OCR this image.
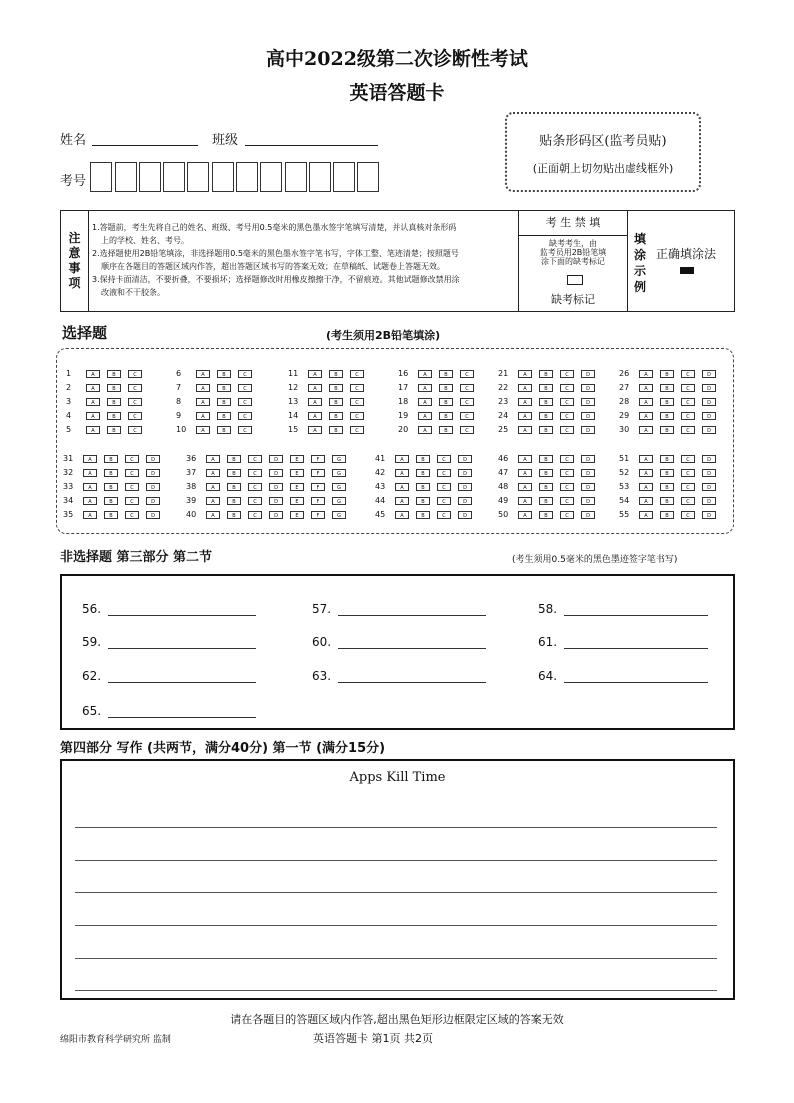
高中2022级第二次诊断性考试
英语答题卡
姓名	班级
考号
贴条形码区(监考员贴)
(正面朝上切勿贴出虚线框外)
注
意
事
项
1.答题前，考生先将自己的姓名、班级、考号用0.5毫米的黑色墨水签字笔填写清楚，并认真核对条形码
上的学校、姓名、考号。
2.选择题使用2B铅笔填涂，非选择题用0.5毫米的黑色墨水签字笔书写，字体工整、笔迹清楚；按照题号
顺序在各题目的答题区域内作答，超出答题区域书写的答案无效；在草稿纸、试题卷上答题无效。
3.保持卡面清洁，不要折叠，不要损坏；选择题修改时用橡皮擦擦干净，不留痕迹。其他试题修改禁用涂
改液和不干胶条。
考 生 禁 填
缺考考生，由
监考员用2B铅笔填
涂下面的缺考标记
缺考标记
填
涂
示
例
正确填涂法
选择题	(考生须用2B铅笔填涂)
1	A	B	C
2	A	B	C
3	A	B	C
4	A	B	C
5	A	B	C
6	A	B	C
7	A	B	C
8	A	B	C
9	A	B	C
10	A	B	C
11	A	B	C
12	A	B	C
13	A	B	C
14	A	B	C
15	A	B	C
16	A	B	C
17	A	B	C
18	A	B	C
19	A	B	C
20	A	B	C
21	A	B	C	D
22	A	B	C	D
23	A	B	C	D
24	A	B	C	D
25	A	B	C	D
26	A	B	C	D
27	A	B	C	D
28	A	B	C	D
29	A	B	C	D
30	A	B	C	D
31	A	B	C	D
32	A	B	C	D
33	A	B	C	D
34	A	B	C	D
35	A	B	C	D
36	A	B	C	D	E	F	G
37	A	B	C	D	E	F	G
38	A	B	C	D	E	F	G
39	A	B	C	D	E	F	G
40	A	B	C	D	E	F	G
41	A	B	C	D
42	A	B	C	D
43	A	B	C	D
44	A	B	C	D
45	A	B	C	D
46	A	B	C	D
47	A	B	C	D
48	A	B	C	D
49	A	B	C	D
50	A	B	C	D
51	A	B	C	D
52	A	B	C	D
53	A	B	C	D
54	A	B	C	D
55	A	B	C	D
非选择题 第三部分 第二节	(考生须用0.5毫米的黑色墨迹签字笔书写)
56.	57.	58.
59.	60.	61.
62.	63.	64.
65.
第四部分 写作 (共两节，满分40分) 第一节 (满分15分)
Apps Kill Time
请在各题目的答题区域内作答,超出黑色矩形边框限定区域的答案无效
绵阳市教育科学研究所 监制	英语答题卡 第1页 共2页
